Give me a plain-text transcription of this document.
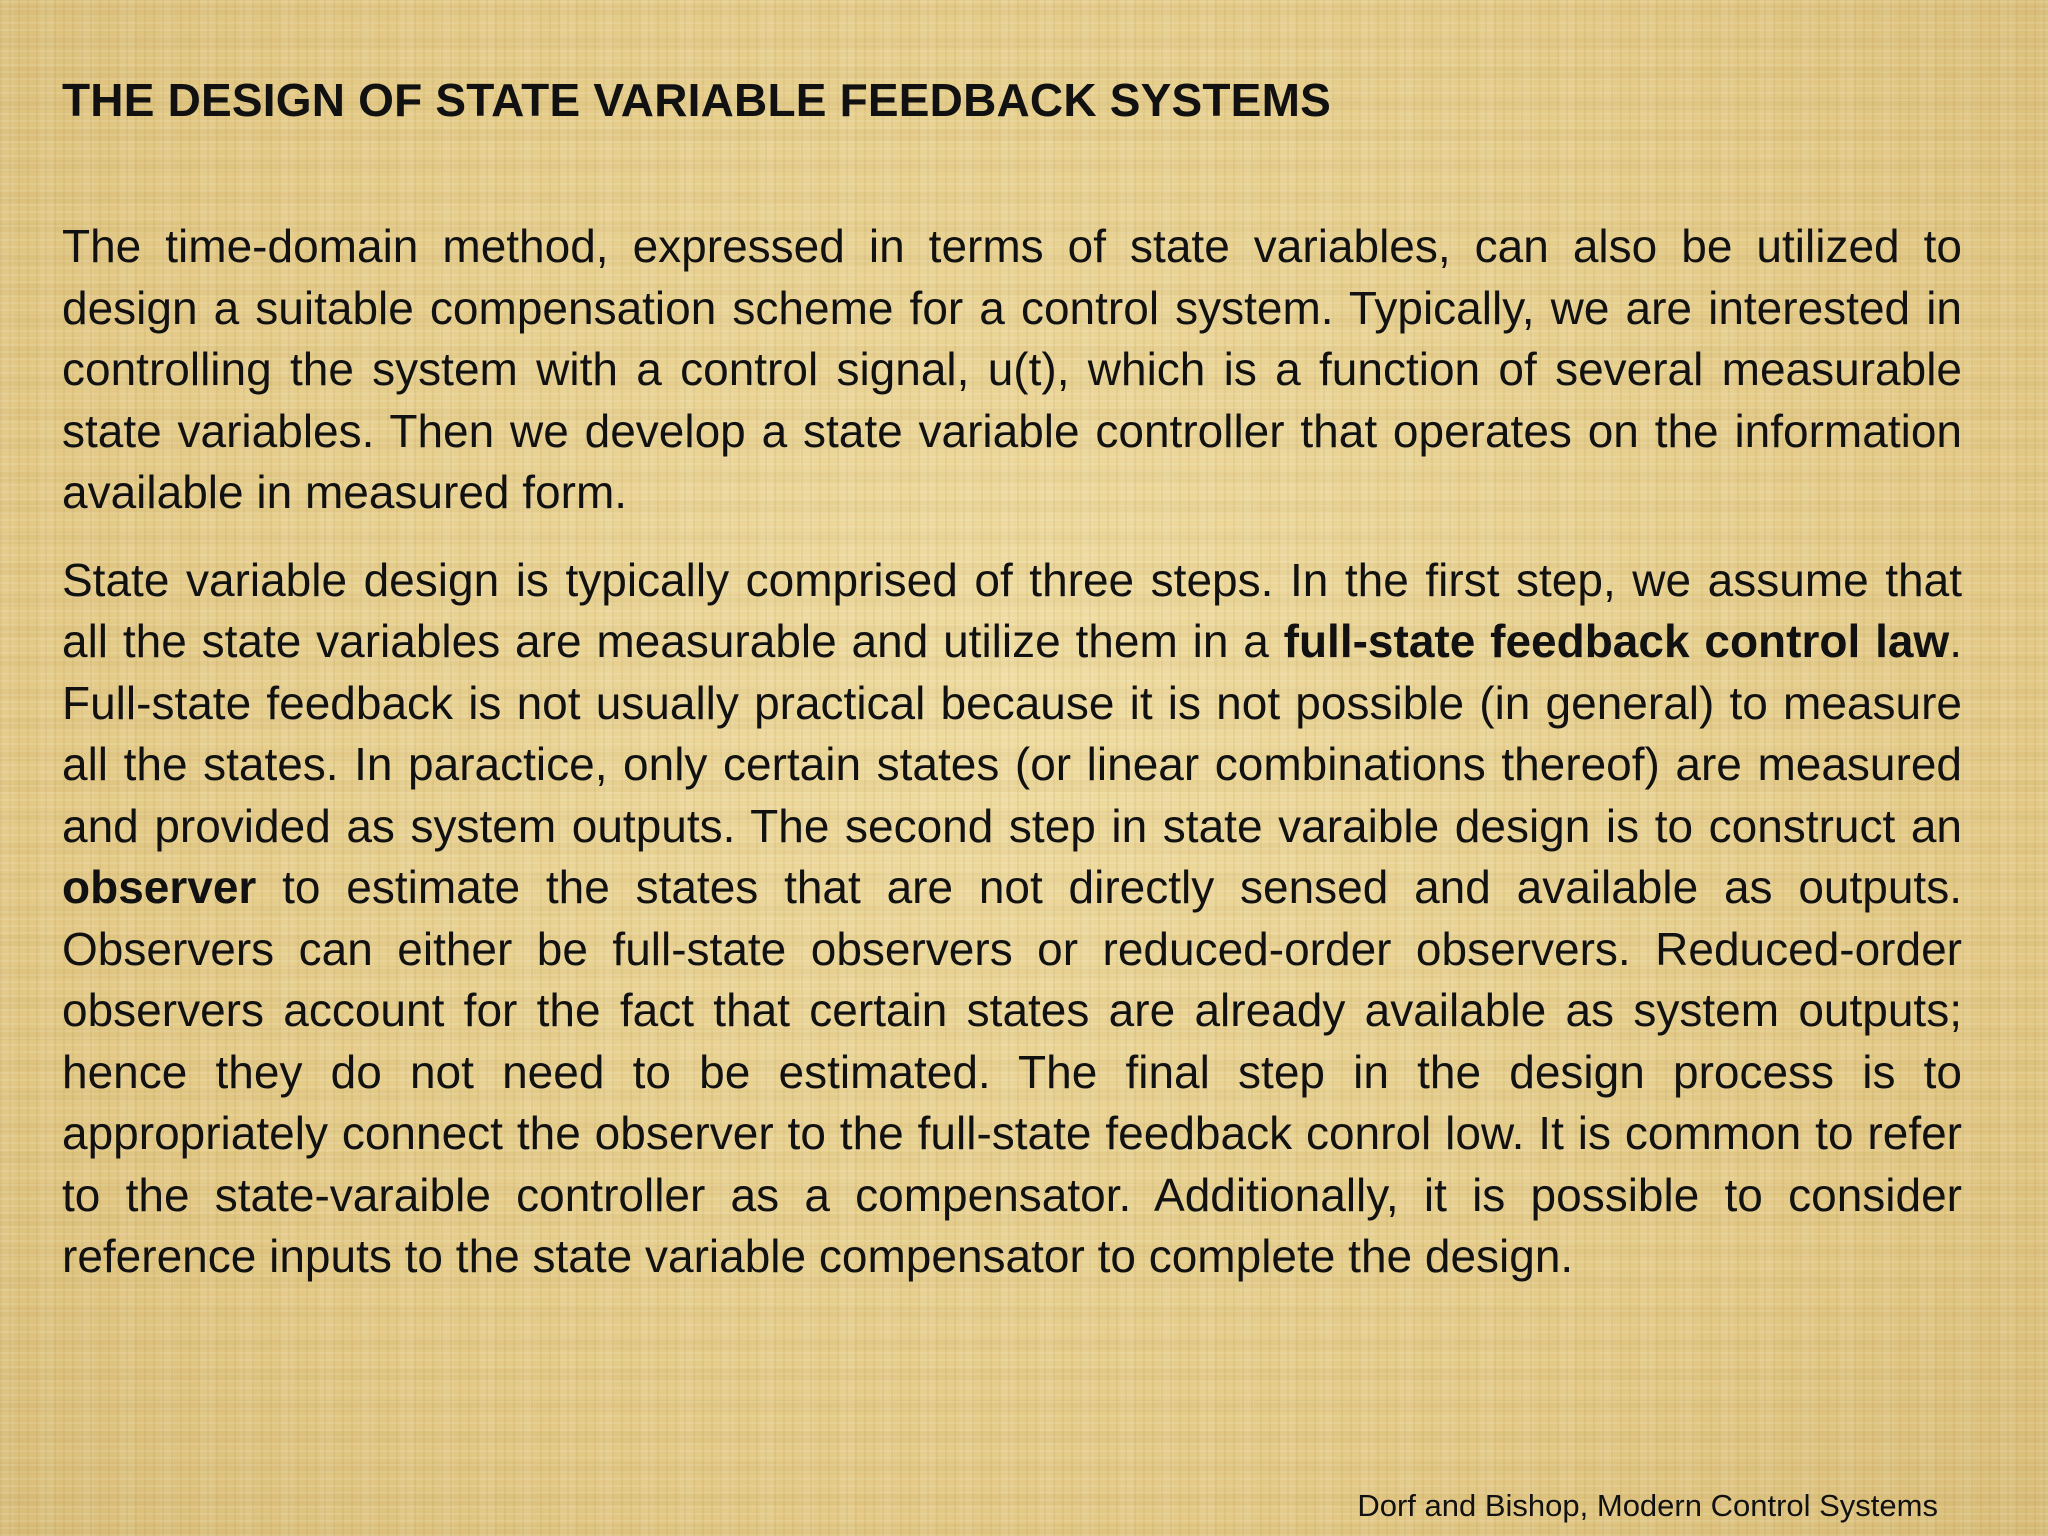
THE DESIGN OF STATE VARIABLE FEEDBACK SYSTEMS

The time-domain method, expressed in terms of state variables, can also be utilized to design a suitable compensation scheme for a control system. Typically, we are interested in controlling the system with a control signal, u(t), which is a function of several measurable state variables. Then we develop a state variable controller that operates on the information available in measured form.

State variable design is typically comprised of three steps. In the first step, we assume that all the state variables are measurable and utilize them in a full-state feedback control law. Full-state feedback is not usually practical because it is not possible (in general) to measure all the states. In paractice, only certain states (or linear combinations thereof) are measured and provided as system outputs. The second step in state varaible design is to construct an observer to estimate the states that are not directly sensed and available as outputs. Observers can either be full-state observers or reduced-order observers. Reduced-order observers account for the fact that certain states are already available as system outputs; hence they do not need to be estimated. The final step in the design process is to appropriately connect the observer to the full-state feedback conrol low. It is common to refer to the state-varaible controller as a compensator. Additionally, it is possible to consider reference inputs to the state variable compensator to complete the design.

Dorf and Bishop, Modern Control Systems
